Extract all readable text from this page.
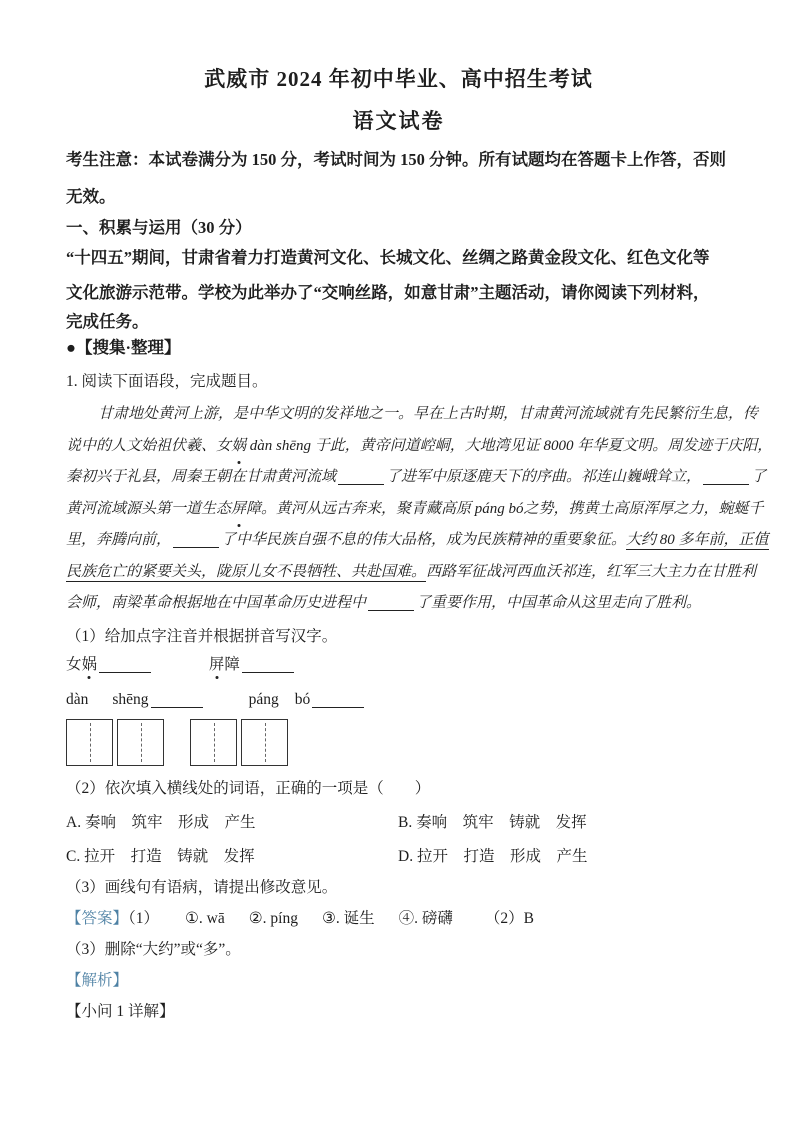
武威市 2024 年初中毕业、高中招生考试
语文试卷
考生注意：本试卷满分为 150 分，考试时间为 150 分钟。所有试题均在答题卡上作答，否则
无效。
一、积累与运用（30 分）
“十四五”期间，甘肃省着力打造黄河文化、长城文化、丝绸之路黄金段文化、红色文化等
文化旅游示范带。学校为此举办了“交响丝路，如意甘肃”主题活动，请你阅读下列材料，
完成任务。
●【搜集·整理】
1. 阅读下面语段，完成题目。
甘肃地处黄河上游，是中华文明的发祥地之一。早在上古时期，甘肃黄河流域就有先民繁衍生息，传
说中的人文始祖伏羲、女娲 dàn shēng 于此，黄帝问道崆峒，大地湾见证 8000 年华夏文明。周发迹于庆阳，
秦初兴于礼县，周秦王朝在甘肃黄河流域	了进军中原逐鹿天下的序曲。祁连山巍峨耸立，	了
黄河流域源头第一道生态屏障。黄河从远古奔来，聚青藏高原 páng bó之势，携黄土高原浑厚之力，蜿蜒千
里，奔腾向前，	了中华民族自强不息的伟大品格，成为民族精神的重要象征。大约 80 多年前，正值
民族危亡的紧要关头，陇原儿女不畏牺牲、共赴国难。西路军征战河西血沃祁连，红军三大主力在甘胜利
会师，南梁革命根据地在中国革命历史进程中	了重要作用，中国革命从这里走向了胜利。
（1）给加点字注音并根据拼音写汉字。
女娲	屏障
dàn shēng	páng bó
（2）依次填入横线处的词语，正确的一项是（　　）
A. 奏响　筑牢　形成　产生	B. 奏响　筑牢　铸就　发挥
C. 拉开　打造　铸就　发挥	D. 拉开　打造　形成　产生
（3）画线句有语病，请提出修改意见。
【答案】（1） ①. wā ②. píng ③. 诞生 ④. 磅礴 （2）B
（3）删除“大约”或“多”。
【解析】
【小问 1 详解】
